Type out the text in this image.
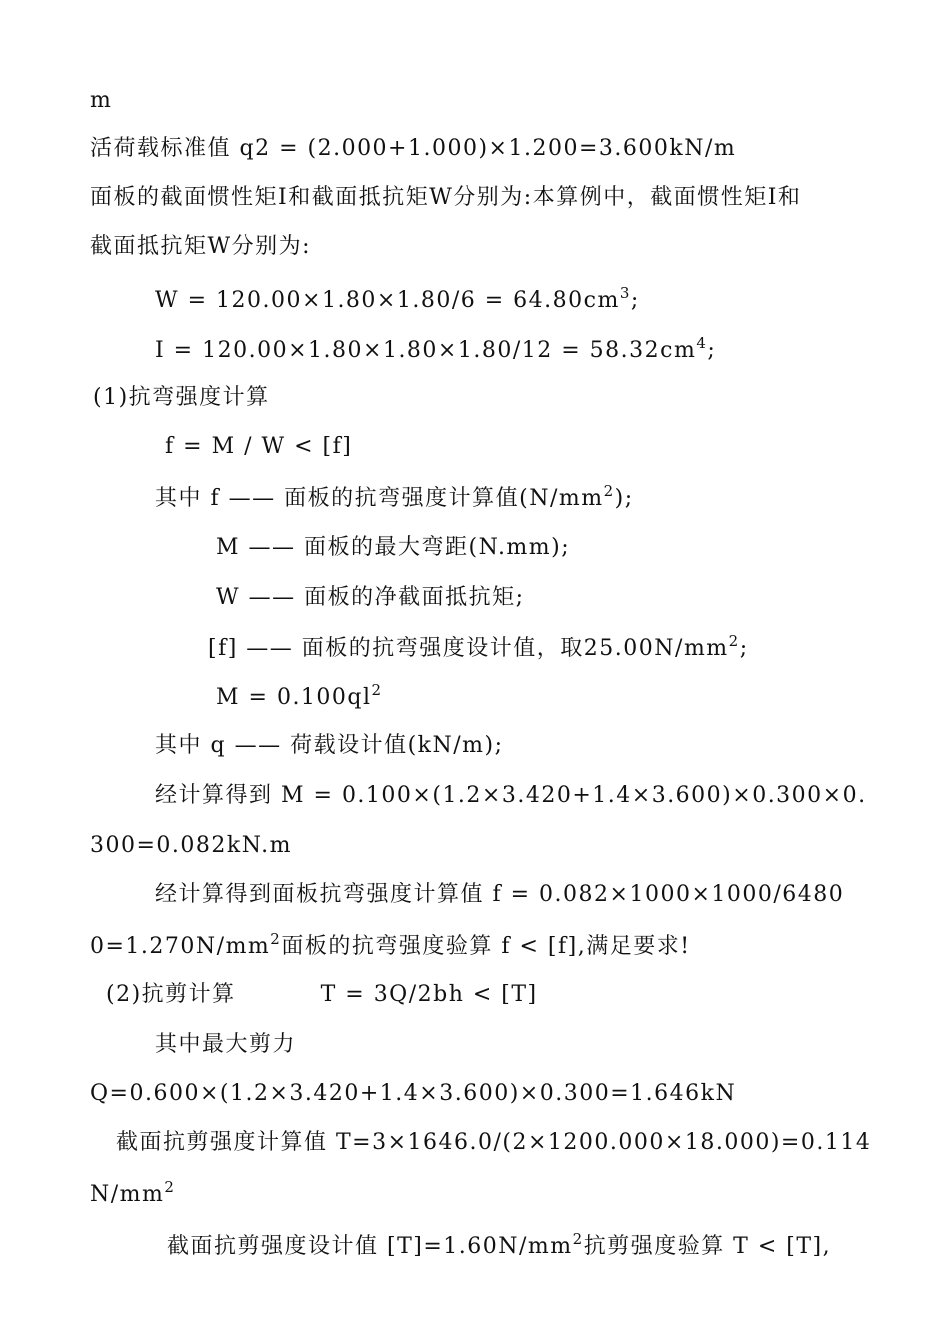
m
活荷载标准值 q2 = (2.000+1.000)×1.200=3.600kN/m
面板的截面惯性矩I和截面抵抗矩W分别为:本算例中，截面惯性矩I和
截面抵抗矩W分别为:
$W = 120.00\times 1.80\times 1.80/6 = 64.80cm^3$;
$I = 120.00\times 1.80\times 1.80\times 1.80/12 = 58.32cm^4$;
(1)抗弯强度计算
f = M / W < [f]
其中 f —— 面板的抗弯强度计算值$(N/mm^2)$;
M —— 面板的最大弯距(N.mm);
W —— 面板的净截面抵抗矩;
[f] —— 面板的抗弯强度设计值，取$25.00N/mm^2$;
$M = 0.100ql^2$
其中 q —— 荷载设计值(kN/m);
经计算得到 M = 0.100×(1.2×3.420+1.4×3.600)×0.300×0.
300=0.082kN.m
经计算得到面板抗弯强度计算值 f = 0.082×1000×1000/6480
$0=1.270N/mm^2$面板的抗弯强度验算 f < [f],满足要求!
(2)抗剪计算          T = 3Q/2bh < [T]
其中最大剪力
Q=0.600×(1.2×3.420+1.4×3.600)×0.300=1.646kN
截面抗剪强度计算值 T=3×1646.0/(2×1200.000×18.000)=0.114
$N/mm^2$
截面抗剪强度设计值 $[T]=1.60N/mm^2$抗剪强度验算 T < [T],
